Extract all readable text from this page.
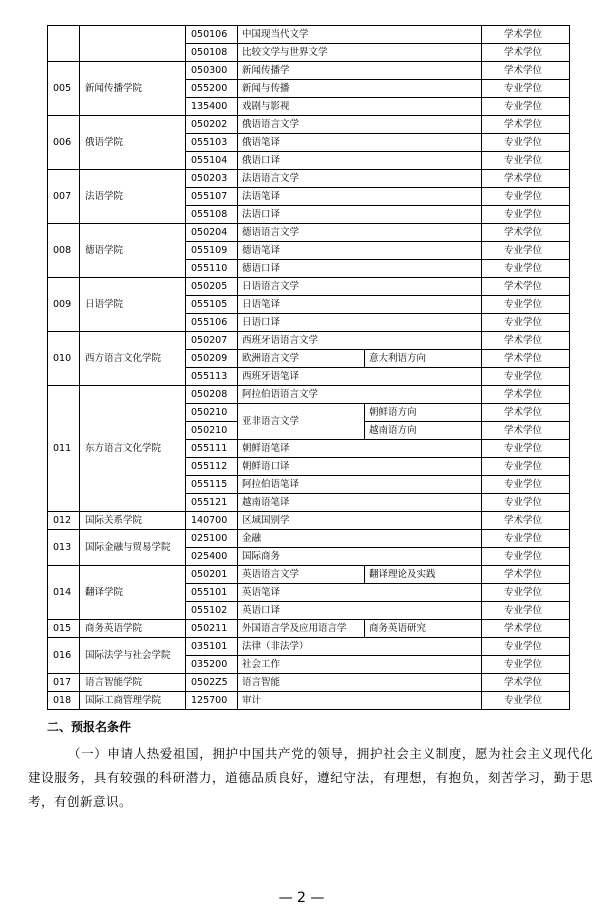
		050106	中国现当代文学		学术学位
		050108	比较文学与世界文学		学术学位
005	新闻传播学院	050300	新闻传播学		学术学位
		055200	新闻与传播		专业学位
		135400	戏剧与影视		专业学位
006	俄语学院	050202	俄语语言文学		学术学位
		055103	俄语笔译		专业学位
		055104	俄语口译		专业学位
007	法语学院	050203	法语语言文学		学术学位
		055107	法语笔译		专业学位
		055108	法语口译		专业学位
008	德语学院	050204	德语语言文学		学术学位
		055109	德语笔译		专业学位
		055110	德语口译		专业学位
009	日语学院	050205	日语语言文学		学术学位
		055105	日语笔译		专业学位
		055106	日语口译		专业学位
010	西方语言文化学院	050207	西班牙语语言文学		学术学位
		050209	欧洲语言文学	意大利语方向	学术学位
		055113	西班牙语笔译		专业学位
011	东方语言文化学院	050208	阿拉伯语语言文学		学术学位
		050210	亚非语言文学	朝鲜语方向	学术学位
		050210		越南语方向	学术学位
		055111	朝鲜语笔译		专业学位
		055112	朝鲜语口译		专业学位
		055115	阿拉伯语笔译		专业学位
		055121	越南语笔译		专业学位
012	国际关系学院	140700	区域国别学		学术学位
013	国际金融与贸易学院	025100	金融		专业学位
		025400	国际商务		专业学位
014	翻译学院	050201	英语语言文学	翻译理论及实践	学术学位
		055101	英语笔译		专业学位
		055102	英语口译		专业学位
015	商务英语学院	050211	外国语言学及应用语言学	商务英语研究	学术学位
016	国际法学与社会学院	035101	法律（非法学）		专业学位
		035200	社会工作		专业学位
017	语言智能学院	0502Z5	语言智能		学术学位
018	国际工商管理学院	125700	审计		专业学位
二、预报名条件
（一）申请人热爱祖国，拥护中国共产党的领导，拥护社会主义制度，愿为社会主义现代化建设服务，具有较强的科研潜力，道德品质良好，遵纪守法，有理想，有抱负，刻苦学习，勤于思考，有创新意识。
— 2 —
